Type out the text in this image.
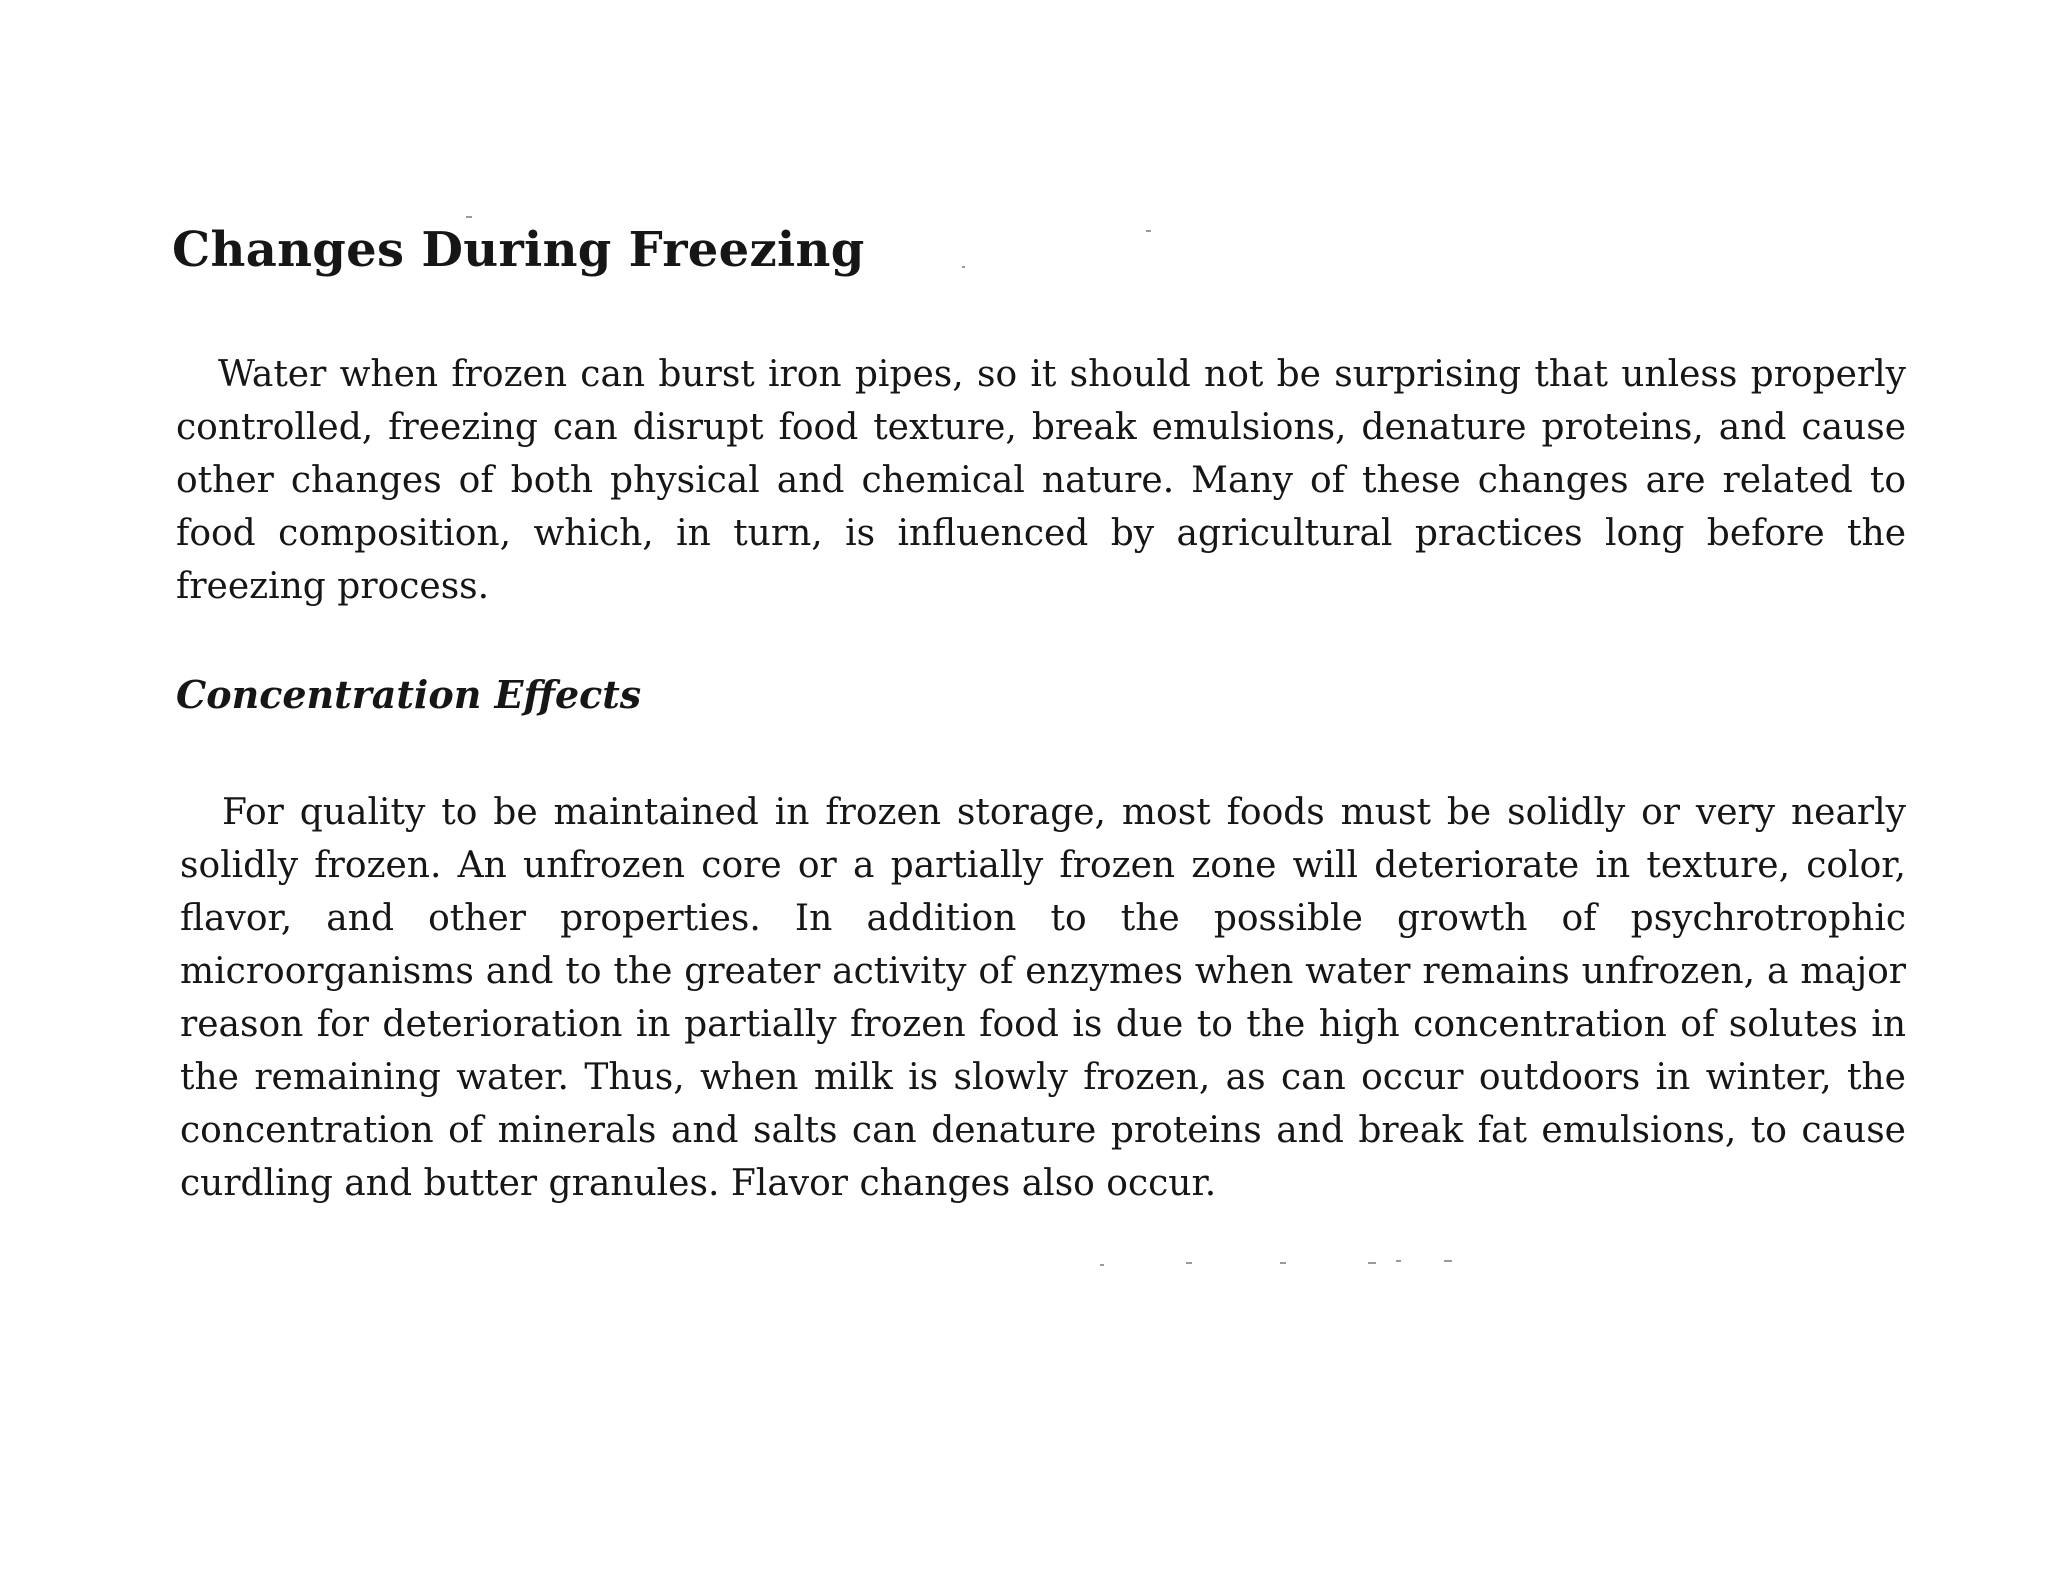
Changes During Freezing

Water when frozen can burst iron pipes, so it should not be surprising that unless properly controlled, freezing can disrupt food texture, break emulsions, denature proteins, and cause other changes of both physical and chemical nature. Many of these changes are related to food composition, which, in turn, is influenced by agricultural practices long before the freezing process.

Concentration Effects

For quality to be maintained in frozen storage, most foods must be solidly or very nearly solidly frozen. An unfrozen core or a partially frozen zone will deteriorate in texture, color, flavor, and other properties. In addition to the possible growth of psychrotrophic microorganisms and to the greater activity of enzymes when water remains unfrozen, a major reason for deterioration in partially frozen food is due to the high concentration of solutes in the remaining water. Thus, when milk is slowly frozen, as can occur outdoors in winter, the concentration of minerals and salts can denature proteins and break fat emulsions, to cause curdling and butter granules. Flavor changes also occur.
